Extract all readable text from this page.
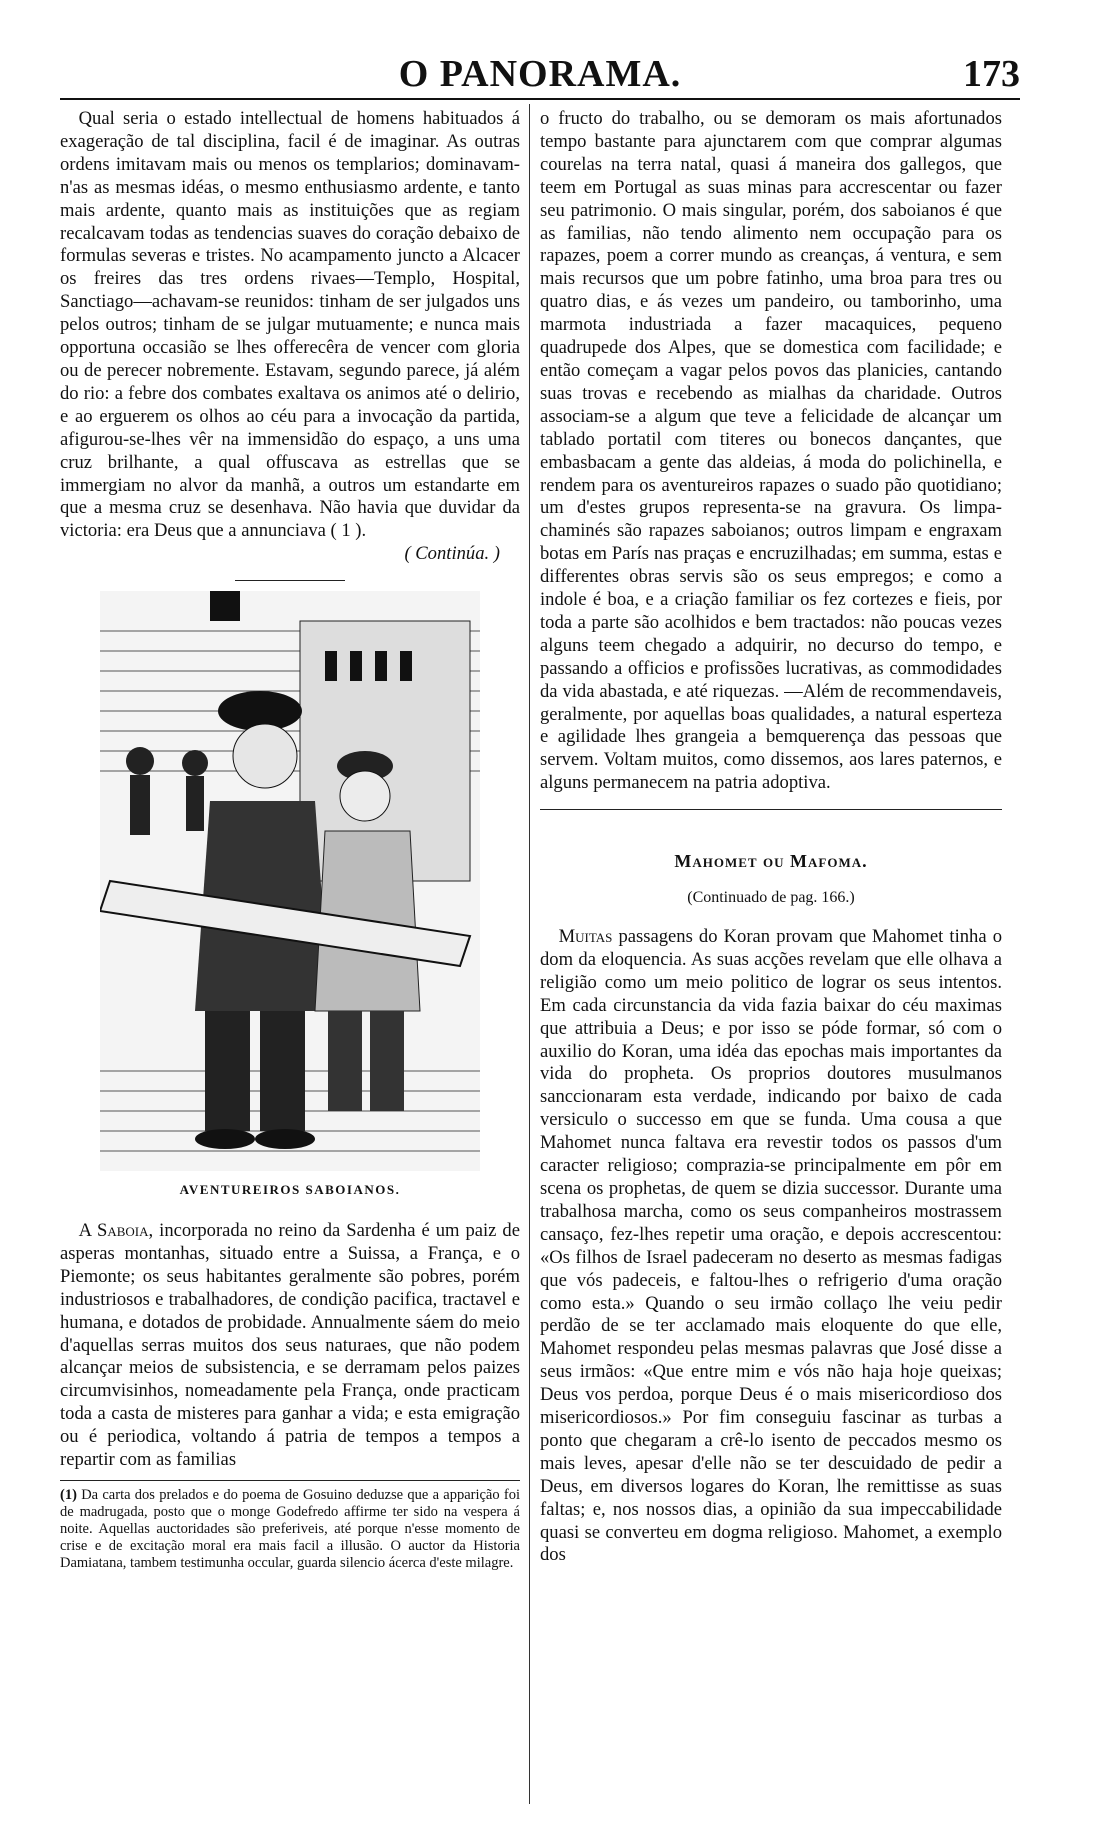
O PANORAMA.	173

Qual seria o estado intellectual de homens habituados á exageração de tal disciplina, facil é de imaginar. As outras ordens imitavam mais ou menos os templarios; dominavam-n'as as mesmas idéas, o mesmo enthusiasmo ardente, e tanto mais ardente, quanto mais as instituições que as regiam recalcavam todas as tendencias suaves do coração debaixo de formulas severas e tristes. No acampamento juncto a Alcacer os freires das tres ordens rivaes—Templo, Hospital, Sanctiago—achavam-se reunidos: tinham de ser julgados uns pelos outros; tinham de se julgar mutuamente; e nunca mais opportuna occasião se lhes offerecêra de vencer com gloria ou de perecer nobremente. Estavam, segundo parece, já além do rio: a febre dos combates exaltava os animos até o delirio, e ao erguerem os olhos ao céu para a invocação da partida, afigurou-se-lhes vêr na immensidão do espaço, a uns uma cruz brilhante, a qual offuscava as estrellas que se immergiam no alvor da manhã, a outros um estandarte em que a mesma cruz se desenhava. Não havia que duvidar da victoria: era Deus que a annunciava ( 1 ).

( Continúa. )
AVENTUREIROS SABOIANOS.

A Saboia, incorporada no reino da Sardenha é um paiz de asperas montanhas, situado entre a Suissa, a França, e o Piemonte; os seus habitantes geralmente são pobres, porém industriosos e trabalhadores, de condição pacifica, tractavel e humana, e dotados de probidade. Annualmente sáem do meio d'aquellas serras muitos dos seus naturaes, que não podem alcançar meios de subsistencia, e se derramam pelos paizes circumvisinhos, nomeadamente pela França, onde practicam toda a casta de misteres para ganhar a vida; e esta emigração ou é periodica, voltando á patria de tempos a tempos a repartir com as familias

(1) Da carta dos prelados e do poema de Gosuino deduzse que a apparição foi de madrugada, posto que o monge Godefredo affirme ter sido na vespera á noite. Aquellas auctoridades são preferiveis, até porque n'esse momento de crise e de excitação moral era mais facil a illusão. O auctor da Historia Damiatana, tambem testimunha occular, guarda silencio ácerca d'este milagre.

o fructo do trabalho, ou se demoram os mais afortunados tempo bastante para ajunctarem com que comprar algumas courelas na terra natal, quasi á maneira dos gallegos, que teem em Portugal as suas minas para accrescentar ou fazer seu patrimonio. O mais singular, porém, dos saboianos é que as familias, não tendo alimento nem occupação para os rapazes, poem a correr mundo as creanças, á ventura, e sem mais recursos que um pobre fatinho, uma broa para tres ou quatro dias, e ás vezes um pandeiro, ou tamborinho, uma marmota industriada a fazer macaquices, pequeno quadrupede dos Alpes, que se domestica com facilidade; e então começam a vagar pelos povos das planicies, cantando suas trovas e recebendo as mialhas da charidade. Outros associam-se a algum que teve a felicidade de alcançar um tablado portatil com titeres ou bonecos dançantes, que embasbacam a gente das aldeias, á moda do polichinella, e rendem para os aventureiros rapazes o suado pão quotidiano; um d'estes grupos representa-se na gravura. Os limpa-chaminés são rapazes saboianos; outros limpam e engraxam botas em París nas praças e encruzilhadas; em summa, estas e differentes obras servis são os seus empregos; e como a indole é boa, e a criação familiar os fez cortezes e fieis, por toda a parte são acolhidos e bem tractados: não poucas vezes alguns teem chegado a adquirir, no decurso do tempo, e passando a officios e profissões lucrativas, as commodidades da vida abastada, e até riquezas. —Além de recommendaveis, geralmente, por aquellas boas qualidades, a natural esperteza e agilidade lhes grangeia a bemquerença das pessoas que servem. Voltam muitos, como dissemos, aos lares paternos, e alguns permanecem na patria adoptiva.

Mahomet ou Mafoma.
(Continuado de pag. 166.)

Muitas passagens do Koran provam que Mahomet tinha o dom da eloquencia. As suas acções revelam que elle olhava a religião como um meio politico de lograr os seus intentos. Em cada circunstancia da vida fazia baixar do céu maximas que attribuia a Deus; e por isso se póde formar, só com o auxilio do Koran, uma idéa das epochas mais importantes da vida do propheta. Os proprios doutores musulmanos sanccionaram esta verdade, indicando por baixo de cada versiculo o successo em que se funda. Uma cousa a que Mahomet nunca faltava era revestir todos os passos d'um caracter religioso; comprazia-se principalmente em pôr em scena os prophetas, de quem se dizia successor. Durante uma trabalhosa marcha, como os seus companheiros mostrassem cansaço, fez-lhes repetir uma oração, e depois accrescentou: «Os filhos de Israel padeceram no deserto as mesmas fadigas que vós padeceis, e faltou-lhes o refrigerio d'uma oração como esta.» Quando o seu irmão collaço lhe veiu pedir perdão de se ter acclamado mais eloquente do que elle, Mahomet respondeu pelas mesmas palavras que José disse a seus irmãos: «Que entre mim e vós não haja hoje queixas; Deus vos perdoa, porque Deus é o mais misericordioso dos misericordiosos.» Por fim conseguiu fascinar as turbas a ponto que chegaram a crê-lo isento de peccados mesmo os mais leves, apesar d'elle não se ter descuidado de pedir a Deus, em diversos logares do Koran, lhe remittisse as suas faltas; e, nos nossos dias, a opinião da sua impeccabilidade quasi se converteu em dogma religioso. Mahomet, a exemplo dos
